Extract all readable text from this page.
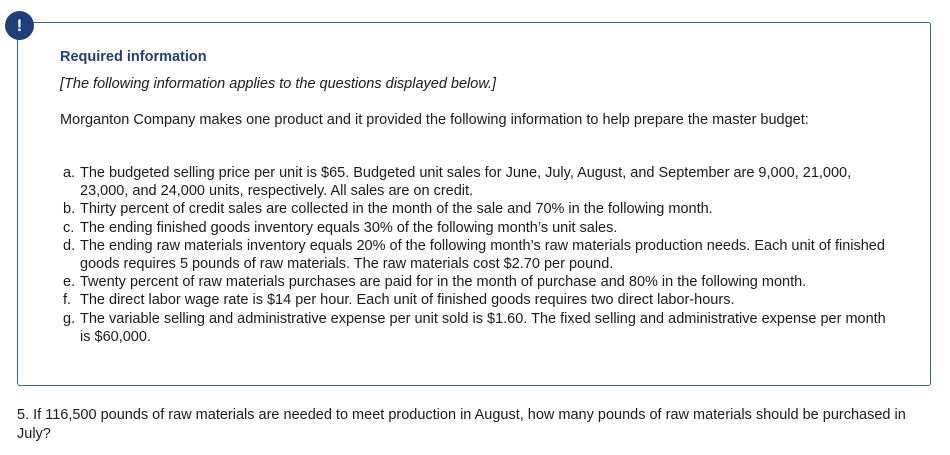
Required information
[The following information applies to the questions displayed below.]
Morganton Company makes one product and it provided the following information to help prepare the master budget:
a. The budgeted selling price per unit is $65. Budgeted unit sales for June, July, August, and September are 9,000, 21,000, 23,000, and 24,000 units, respectively. All sales are on credit.
b. Thirty percent of credit sales are collected in the month of the sale and 70% in the following month.
c. The ending finished goods inventory equals 30% of the following month’s unit sales.
d. The ending raw materials inventory equals 20% of the following month’s raw materials production needs. Each unit of finished goods requires 5 pounds of raw materials. The raw materials cost $2.70 per pound.
e. Twenty percent of raw materials purchases are paid for in the month of purchase and 80% in the following month.
f. The direct labor wage rate is $14 per hour. Each unit of finished goods requires two direct labor-hours.
g. The variable selling and administrative expense per unit sold is $1.60. The fixed selling and administrative expense per month is $60,000.
!
5. If 116,500 pounds of raw materials are needed to meet production in August, how many pounds of raw materials should be purchased in July?
